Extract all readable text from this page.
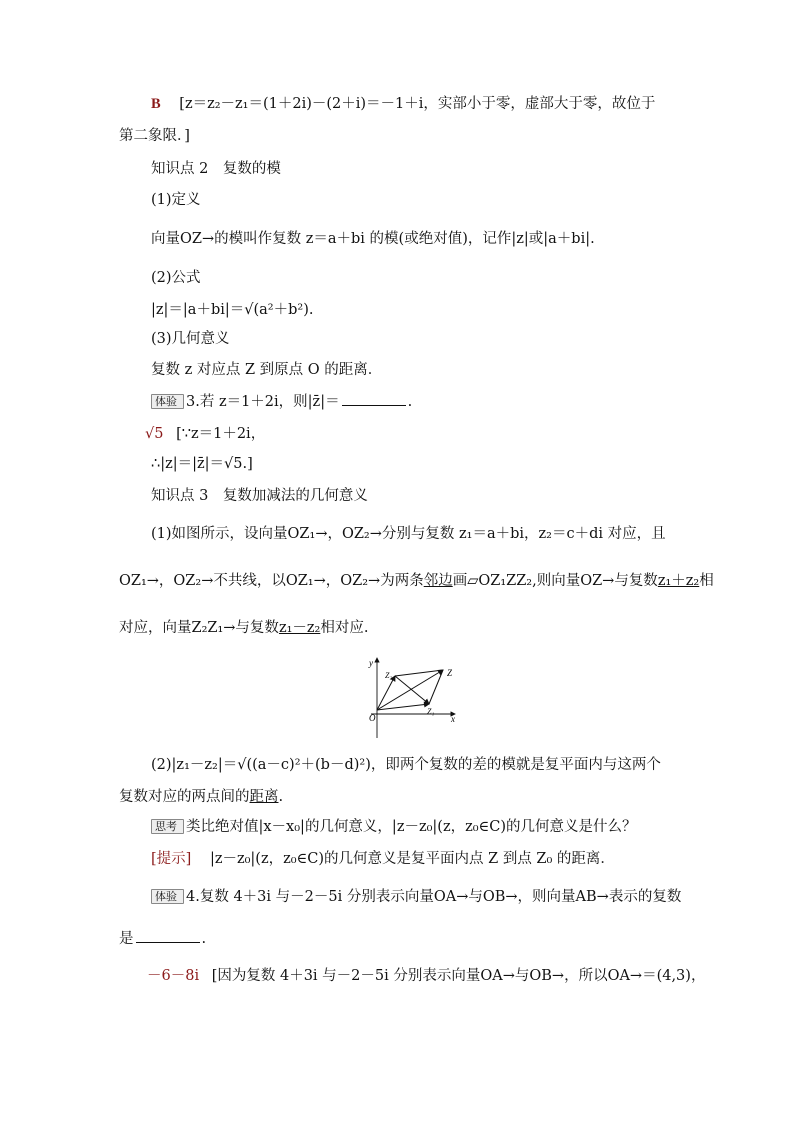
B [z＝z₂－z₁＝(1＋2i)－(2＋i)＝－1＋i，实部小于零，虚部大于零，故位于
第二象限．]
知识点 2　复数的模
(1)定义
向量OZ→的模叫作复数 z＝a＋bi 的模(或绝对值)，记作|z|或|a＋bi|.
(2)公式
|z|＝|a＋bi|＝√(a²＋b²).
(3)几何意义
复数 z 对应点 Z 到原点 O 的距离．
体验 3.若 z＝1＋2i，则|z̄|＝	.
√5 [∵z＝1＋2i，
∴|z|＝|z̄|＝√5.]
知识点 3　复数加减法的几何意义
(1)如图所示，设向量OZ₁→，OZ₂→分别与复数 z₁＝a＋bi，z₂＝c＋di 对应，且
OZ₁→，OZ₂→不共线，以OZ₁→，OZ₂→为两条邻边画▱OZ₁ZZ₂,则向量OZ→与复数z₁＋z₂相
对应，向量Z₂Z₁→与复数z₁－z₂相对应.
y
x
O
Z
Z₁
Z₂
(2)|z₁－z₂|＝√((a－c)²＋(b－d)²)，即两个复数的差的模就是复平面内与这两个
复数对应的两点间的距离.
思考 类比绝对值|x－x₀|的几何意义，|z－z₀|(z，z₀∈C)的几何意义是什么？
[提示] |z－z₀|(z，z₀∈C)的几何意义是复平面内点 Z 到点 Z₀ 的距离．
体验 4.复数 4＋3i 与－2－5i 分别表示向量OA→与OB→，则向量AB→表示的复数
是	.
－6－8i [因为复数 4＋3i 与－2－5i 分别表示向量OA→与OB→，所以OA→＝(4,3)，
